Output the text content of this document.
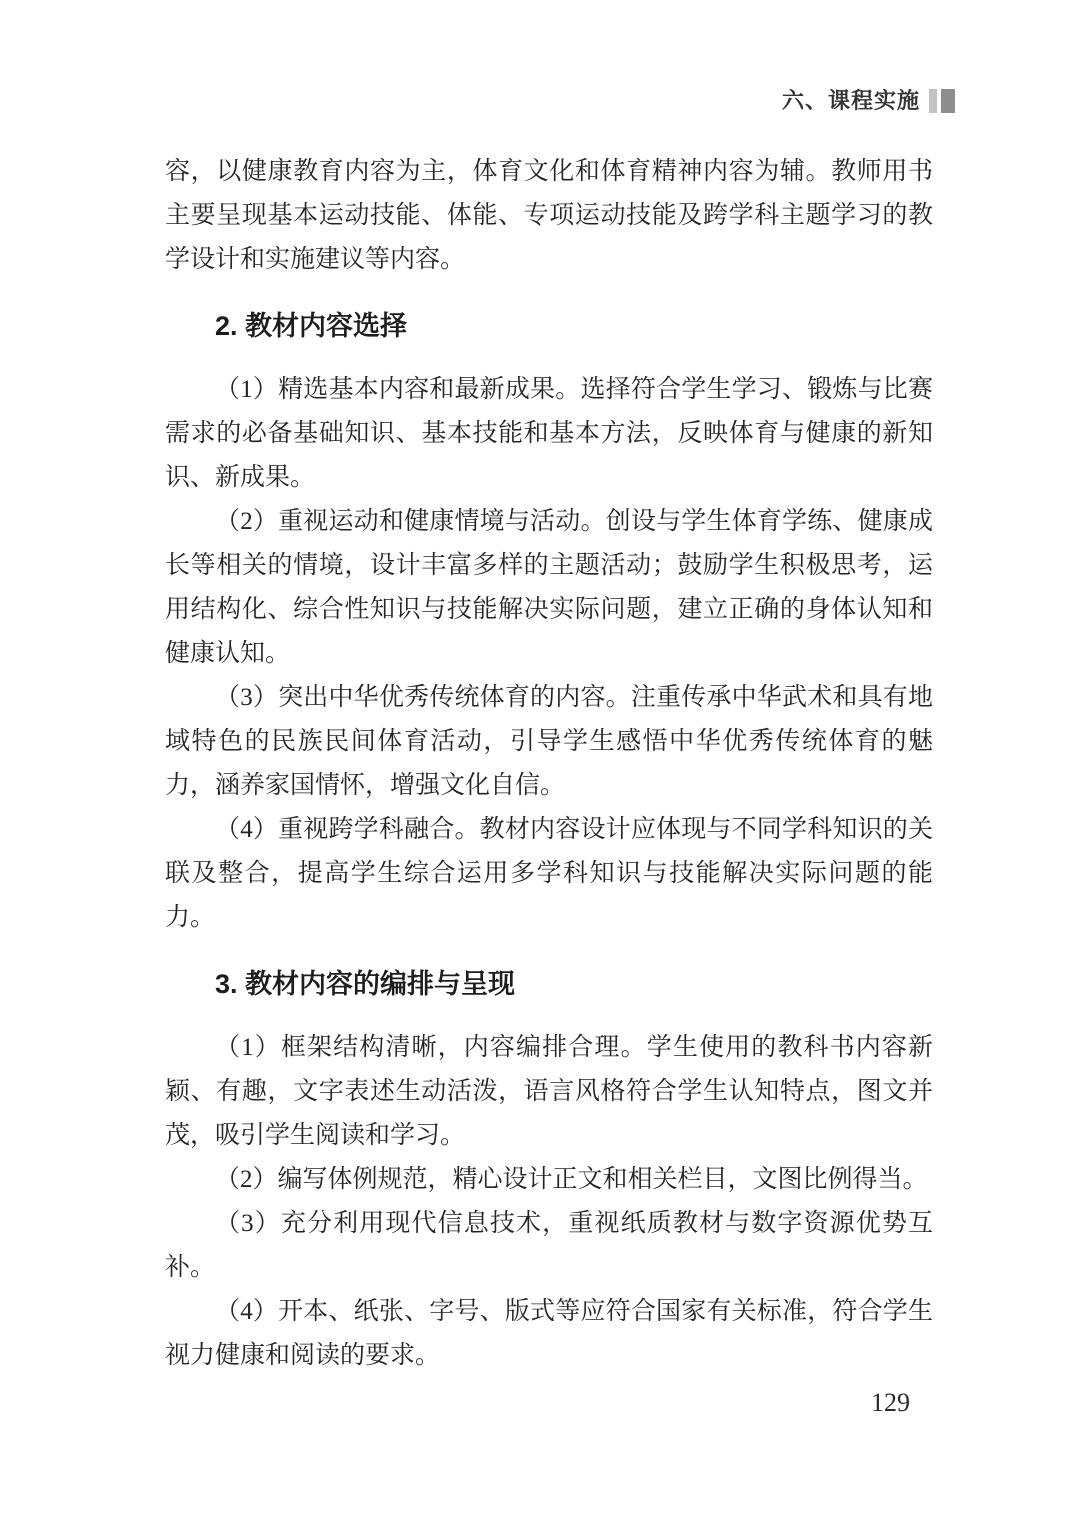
六、课程实施

容，以健康教育内容为主，体育文化和体育精神内容为辅。教师用书主要呈现基本运动技能、体能、专项运动技能及跨学科主题学习的教学设计和实施建议等内容。

2. 教材内容选择

（1）精选基本内容和最新成果。选择符合学生学习、锻炼与比赛需求的必备基础知识、基本技能和基本方法，反映体育与健康的新知识、新成果。

（2）重视运动和健康情境与活动。创设与学生体育学练、健康成长等相关的情境，设计丰富多样的主题活动；鼓励学生积极思考，运用结构化、综合性知识与技能解决实际问题，建立正确的身体认知和健康认知。

（3）突出中华优秀传统体育的内容。注重传承中华武术和具有地域特色的民族民间体育活动，引导学生感悟中华优秀传统体育的魅力，涵养家国情怀，增强文化自信。

（4）重视跨学科融合。教材内容设计应体现与不同学科知识的关联及整合，提高学生综合运用多学科知识与技能解决实际问题的能力。

3. 教材内容的编排与呈现

（1）框架结构清晰，内容编排合理。学生使用的教科书内容新颖、有趣，文字表述生动活泼，语言风格符合学生认知特点，图文并茂，吸引学生阅读和学习。

（2）编写体例规范，精心设计正文和相关栏目，文图比例得当。

（3）充分利用现代信息技术，重视纸质教材与数字资源优势互补。

（4）开本、纸张、字号、版式等应符合国家有关标准，符合学生视力健康和阅读的要求。

129
